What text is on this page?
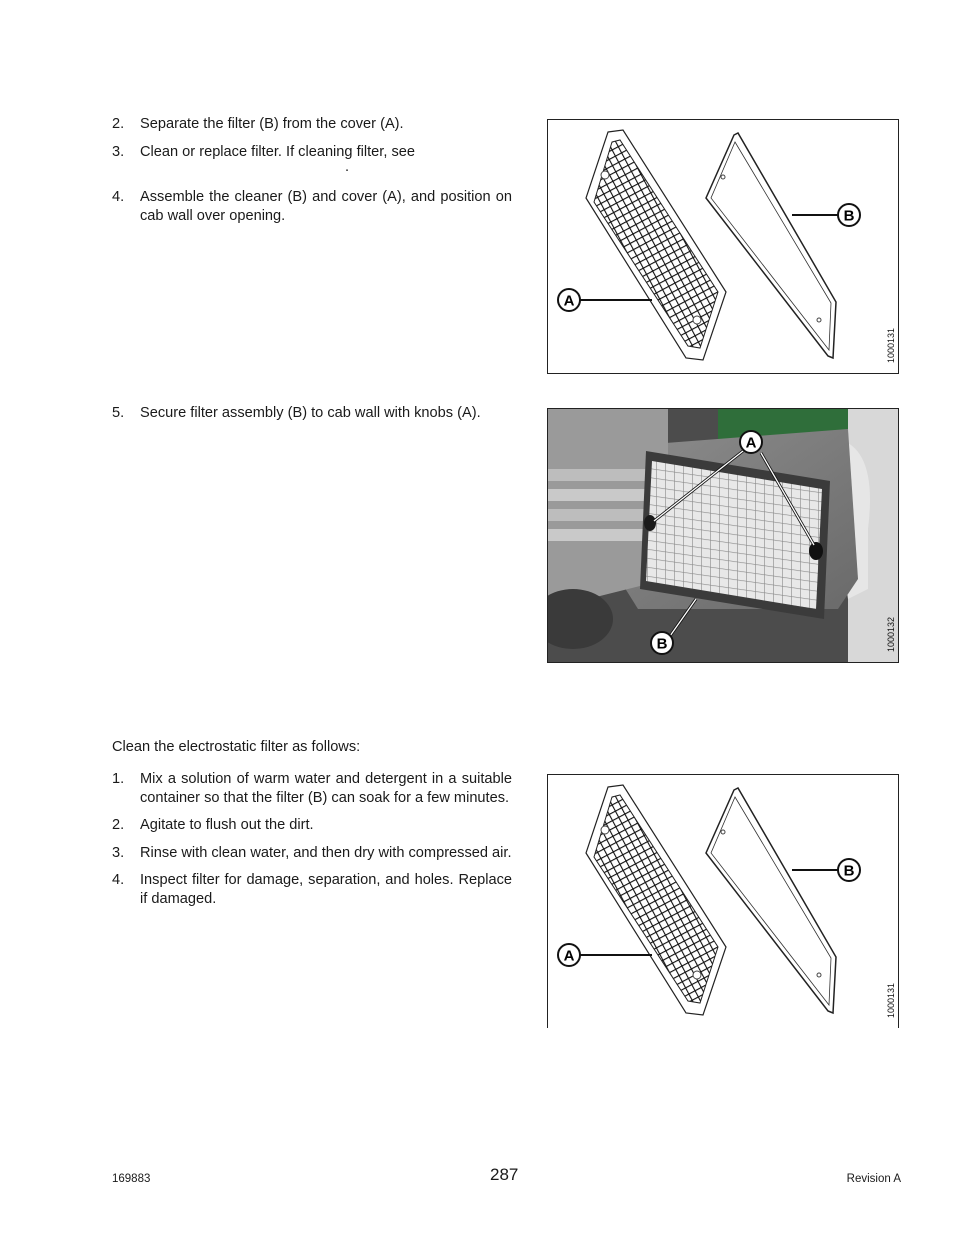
2. Separate the filter (B) from the cover (A).
3. Clean or replace filter. If cleaning filter, see
.
4. Assemble the cleaner (B) and cover (A), and position on cab wall over opening.
A
B
1000131
5. Secure filter assembly (B) to cab wall with knobs (A).
A
B	1000132
Clean the electrostatic filter as follows:
1. Mix a solution of warm water and detergent in a suitable container so that the filter (B) can soak for a few minutes.
2. Agitate to flush out the dirt.
3. Rinse with clean water, and then dry with compressed air.
4. Inspect filter for damage, separation, and holes. Replace if damaged.
A
B
1000131
169883	287	Revision A
